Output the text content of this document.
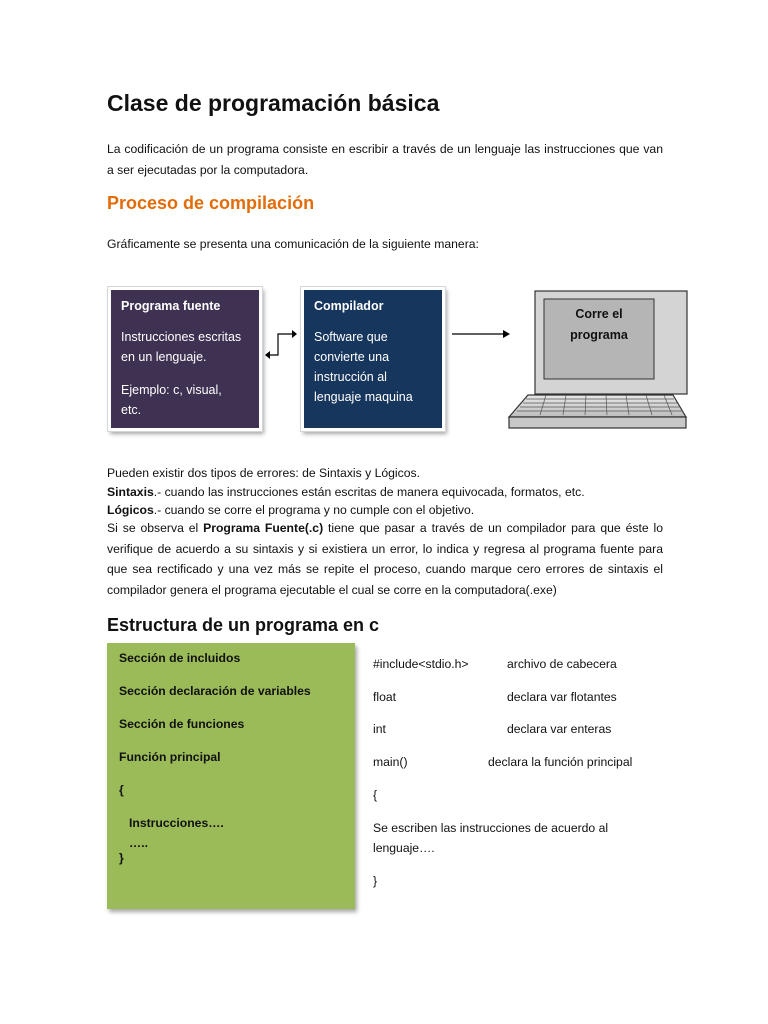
Clase de programación básica

La codificación de un programa consiste en escribir a través de un lenguaje las instrucciones que van a ser ejecutadas por la computadora.

Proceso de compilación

Gráficamente se presenta una comunicación de la siguiente manera:

Programa fuente
Instrucciones escritas
en un lenguaje.
Ejemplo: c, visual,
etc.
Compilador
Software que
convierte una
instrucción al
lenguaje maquina
Corre el
programa
Pueden existir dos tipos de errores: de Sintaxis y Lógicos.
Sintaxis.- cuando las instrucciones están escritas de manera equivocada, formatos, etc.
Lógicos.- cuando se corre el programa y no cumple con el objetivo.

Si se observa el Programa Fuente(.c) tiene que pasar a través de un compilador para que éste lo verifique de acuerdo a su sintaxis y si existiera un error, lo indica y regresa al programa fuente para que sea rectificado y una vez más se repite el proceso, cuando marque cero errores de sintaxis el compilador genera el programa ejecutable el cual se corre en la computadora(.exe)

Estructura de un programa en c
Sección de incluidos
Sección declaración de variables
Sección de funciones
Función principal
{
Instrucciones….
…..
}
#include<stdio.h>	archivo de cabecera
float	declara var flotantes
int	declara var enteras
main()	declara la función principal
{
Se escriben las instrucciones de acuerdo al
lenguaje….
}
